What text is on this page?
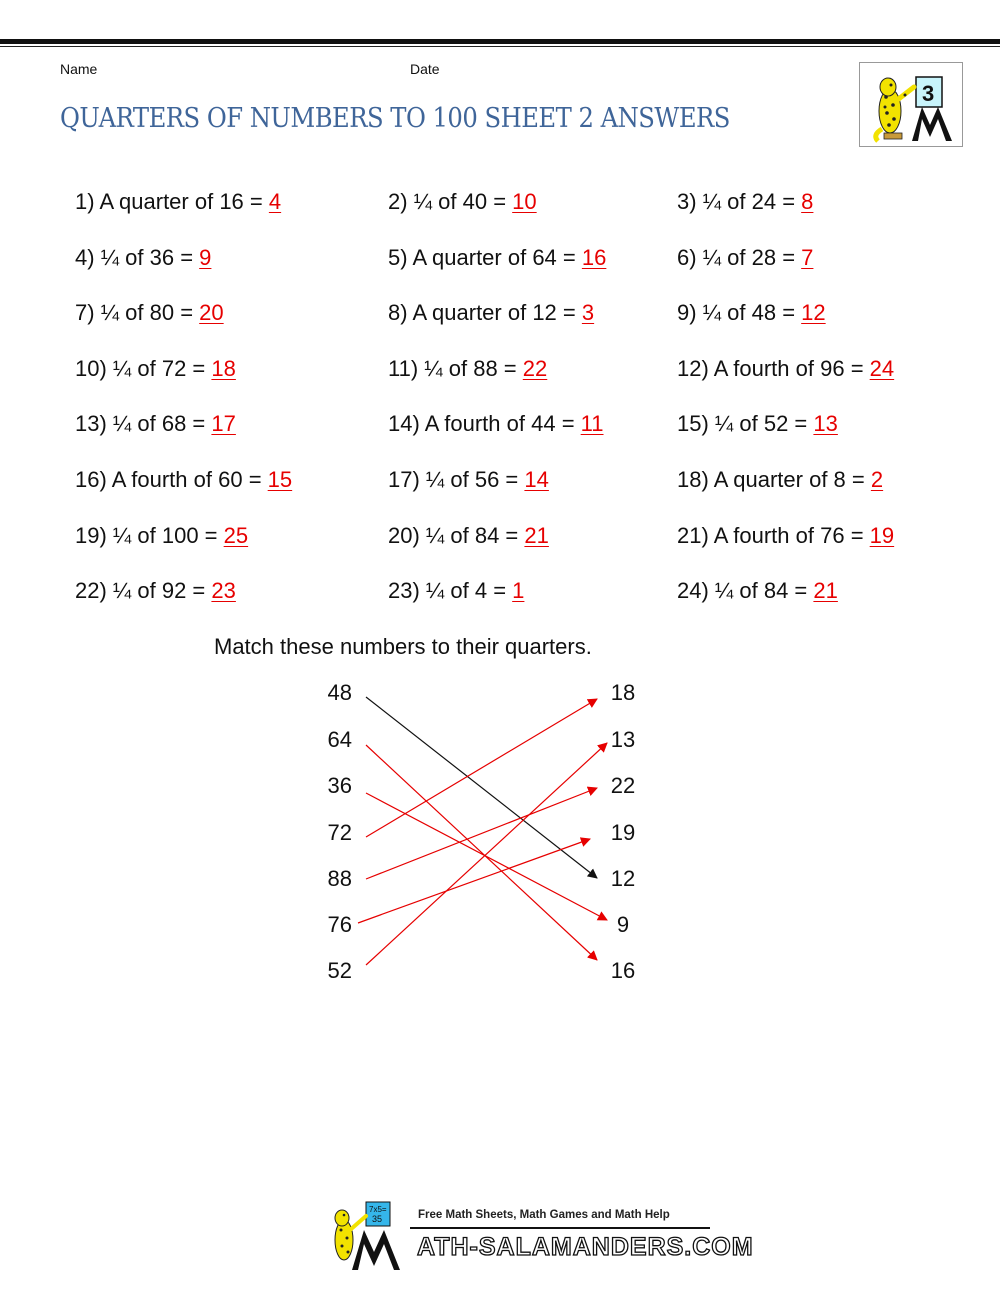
Name	Date
QUARTERS OF NUMBERS TO 100 SHEET 2 ANSWERS
3
1) A quarter of 16 = 4	2) ¼ of 40 = 10	3) ¼ of 24 = 8
4) ¼ of 36 = 9	5) A quarter of 64 = 16	6) ¼ of 28 = 7
7) ¼ of 80 = 20	8) A quarter of 12 = 3	9) ¼ of 48 = 12
10) ¼ of 72 = 18	11) ¼ of 88 = 22	12) A fourth of 96 = 24
13) ¼ of 68 = 17	14) A fourth of 44 = 11	15) ¼ of 52 = 13
16) A fourth of 60 = 15	17) ¼ of 56 = 14	18) A quarter of 8 = 2
19) ¼ of 100 = 25	20) ¼ of 84 = 21	21) A fourth of 76 = 19
22) ¼ of 92 = 23	23) ¼ of 4 = 1	24) ¼ of 84 = 21
Match these numbers to their quarters.
48
64
36
72
88
76
52
18
13
22
19
12
9
16
7x5=
35	Free Math Sheets, Math Games and Math Help
ATH-SALAMANDERS.COM
